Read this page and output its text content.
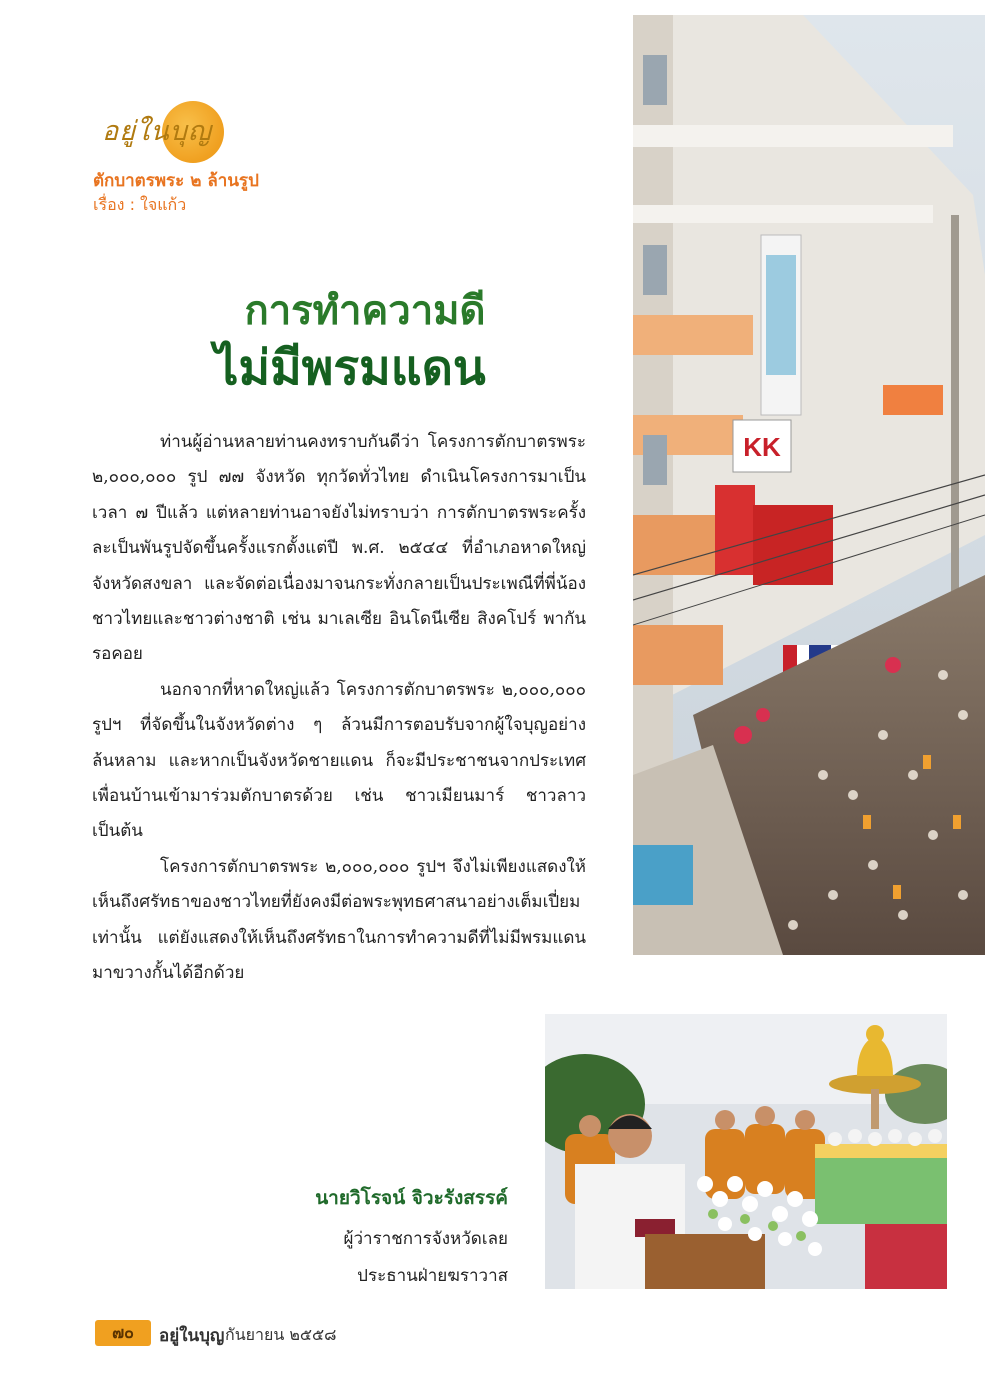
อยู่ในบุญ
ตักบาตรพระ ๒ ล้านรูป
เรื่อง : ใจแก้ว
การทำความดี
ไม่มีพรมแดน

ท่านผู้อ่านหลายท่านคงทราบกันดีว่า โครงการตักบาตรพระ ๒,๐๐๐,๐๐๐ รูป ๗๗ จังหวัด ทุกวัดทั่วไทย ดำเนินโครงการมาเป็นเวลา ๗ ปีแล้ว แต่หลายท่านอาจยังไม่ทราบว่า การตักบาตรพระครั้งละเป็นพันรูปจัดขึ้นครั้งแรกตั้งแต่ปี พ.ศ. ๒๕๔๔ ที่อำเภอหาดใหญ่ จังหวัดสงขลา และจัดต่อเนื่องมาจนกระทั่งกลายเป็นประเพณีที่พี่น้องชาวไทยและชาวต่างชาติ เช่น มาเลเซีย อินโดนีเซีย สิงคโปร์ พากันรอคอย

นอกจากที่หาดใหญ่แล้ว โครงการตักบาตรพระ ๒,๐๐๐,๐๐๐ รูปฯ ที่จัดขึ้นในจังหวัดต่าง ๆ ล้วนมีการตอบรับจากผู้ใจบุญอย่างล้นหลาม และหากเป็นจังหวัดชายแดน ก็จะมีประชาชนจากประเทศเพื่อนบ้านเข้ามาร่วมตักบาตรด้วย เช่น ชาวเมียนมาร์ ชาวลาว เป็นต้น

โครงการตักบาตรพระ ๒,๐๐๐,๐๐๐ รูปฯ จึงไม่เพียงแสดงให้เห็นถึงศรัทธาของชาวไทยที่ยังคงมีต่อพระพุทธศาสนาอย่างเต็มเปี่ยมเท่านั้น แต่ยังแสดงให้เห็นถึงศรัทธาในการทำความดีที่ไม่มีพรมแดนมาขวางกั้นได้อีกด้วย

KK
นายวิโรจน์ จิวะรังสรรค์
ผู้ว่าราชการจังหวัดเลย
ประธานฝ่ายฆราวาส
๗๐	อยู่ในบุญ กันยายน ๒๕๕๘
